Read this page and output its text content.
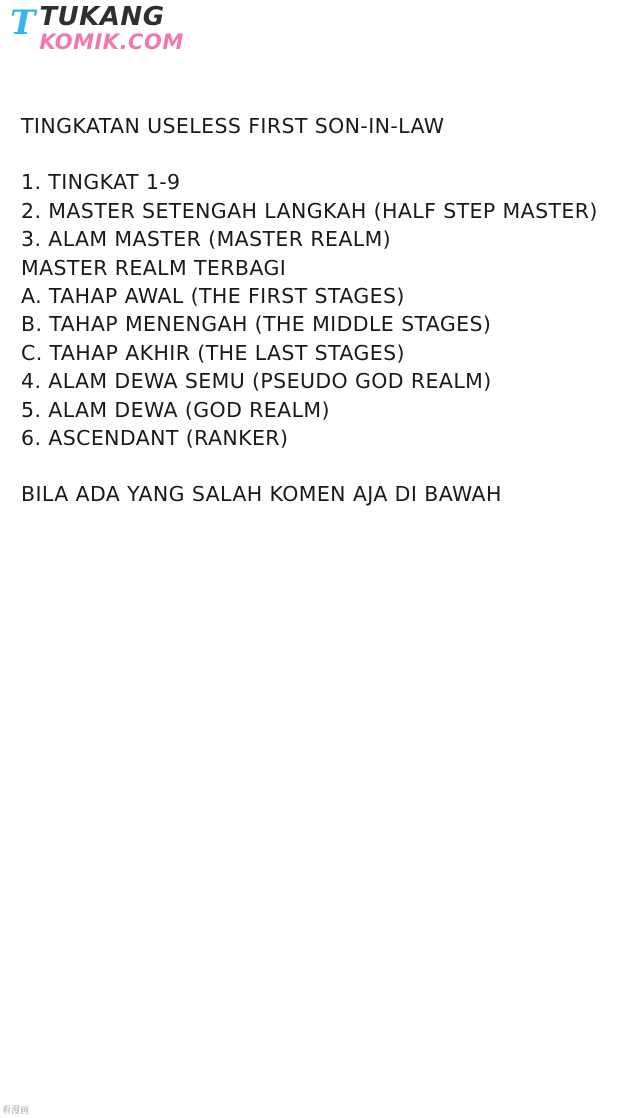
T TUKANG
KOMIK.COM
TINGKATAN USELESS FIRST SON-IN-LAW
1. TINGKAT 1-9
2. MASTER SETENGAH LANGKAH (HALF STEP MASTER)
3. ALAM MASTER (MASTER REALM)
MASTER REALM TERBAGI
A. TAHAP AWAL (THE FIRST STAGES)
B. TAHAP MENENGAH (THE MIDDLE STAGES)
C. TAHAP AKHIR (THE LAST STAGES)
4. ALAM DEWA SEMU (PSEUDO GOD REALM)
5. ALAM DEWA (GOD REALM)
6. ASCENDANT (RANKER)
BILA ADA YANG SALAH KOMEN AJA DI BAWAH
看漫画
